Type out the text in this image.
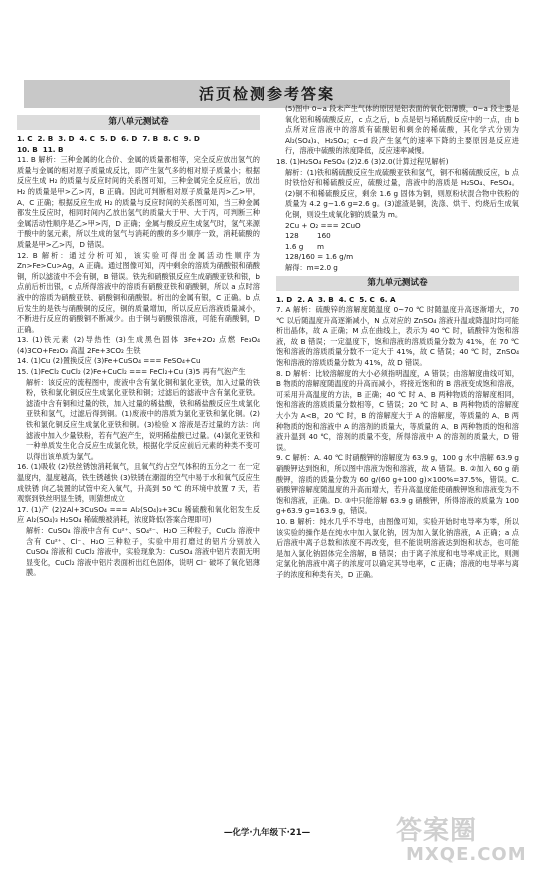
活页检测参考答案
第八单元测试卷
1. C  2. B  3. D  4. C  5. D  6. D  7. B  8. C  9. D
10. B  11. B

11. B 解析：三种金属的化合价、金属的质量都相等，完全反应放出氢气的质量与金属的相对原子质量成反比，即产生氢气多的相对原子质量小；根据反应生成 H₂ 的质量与反应时间的关系图可知，三种金属完全反应后，放出 H₂ 的质量是甲>乙>丙，B 正确。因此可判断相对原子质量是丙>乙>甲，A、C 正确；根据反应生成 H₂ 的质量与反应时间的关系图可知，当三种金属都发生反应时，相同时间内乙放出氢气的质量大于甲、大于丙，可判断三种金属活动性顺序是乙>甲>丙，D 正确；金属与酸反应生成氢气时，氢气来源于酸中的氢元素，所以生成的氢气与消耗的酸的多少顺序一致，消耗硫酸的质量是甲>乙>丙，D 错误。

12. B 解析：通过分析可知，该实验可得出金属活动性顺序为 Zn>Fe>Cu>Ag，A 正确。通过图像可知，丙中剩余的溶质为硝酸银和硝酸铜，所以滤渣中不会有铜，B 错误。铁先和硝酸银反应生成硝酸亚铁和银，b 点前后析出银，c 点所得溶液中的溶质有硝酸亚铁和硝酸铜，所以 a 点时溶液中的溶质为硝酸亚铁、硝酸铜和硝酸银。析出的金属有银，C 正确。b 点后发生的是铁与硝酸铜的反应，铜的质量增加，所以反应后溶液质量减小，不断进行反应的硝酸铜不断减少。由于铜与硝酸银溶液，可能有硝酸铜，D 正确。

13. (1)铁元素 (2)导热性 (3)生成黑色固体 3Fe+2O₂ 点燃 Fe₃O₄ (4)3CO+Fe₂O₃ 高温 2Fe+3CO₂ 生铁

14. (1)Cu (2)置换反应 (3)Fe+CuSO₄ === FeSO₄+Cu

15. (1)FeCl₂ CuCl₂ (2)Fe+CuCl₂ === FeCl₂+Cu (3)5 再有气泡产生

解析：该反应的流程图中，废液中含有氯化铜和氯化亚铁，加入过量的铁粉，铁和氯化铜反应生成氯化亚铁和铜；过滤后的滤液中含有氯化亚铁。滤渣中含有铜和过量的铁，加入过量的稀盐酸，铁和稀盐酸反应生成氯化亚铁和氢气，过滤后得到铜。(1)废液中的溶质为氯化亚铁和氯化铜。(2)铁和氯化铜反应生成氯化亚铁和铜。(3)检验 X 溶液是否过量的方法：向滤液中加入少量铁粉，若有气泡产生，说明稀盐酸已过量。(4)氯化亚铁和一种单质发生化合反应生成氯化铁，根据化学反应前后元素的种类不变可以得出该单质为氯气。

16. (1)吸收 (2)铁丝锈蚀消耗氧气，且氧气约占空气体积的五分之一 在一定温度内，温度越高，铁生锈越快 (3)铁锈在潮湿的空气中易于水和氧气反应生成铁锈 向乙装置的试管中充入氧气，升高到 50 ℃ 的环境中放置 7 天，若观察到铁丝明显生锈，则猜想成立

17. (1)产 (2)2Al+3CuSO₄ === Al₂(SO₄)₃+3Cu 稀硫酸和氧化铝发生反应 Al₂(SO₄)₃ H₂SO₄ 稀硫酸被消耗，浓度降低(答案合理即可)

解析：CuSO₄ 溶液中含有 Cu²⁺、SO₄²⁻、H₂O 三种粒子，CuCl₂ 溶液中含有 Cu²⁺、Cl⁻、H₂O 三种粒子，实验中用打磨过的铝片分别放入 CuSO₄ 溶液和 CuCl₂ 溶液中，实验现象为：CuSO₄ 溶液中铝片表面无明显变化，CuCl₂ 溶液中铝片表面析出红色固体，说明 Cl⁻ 破坏了氧化铝薄膜。

(5)图中 0~a 段未产生气体的原因是铝表面的氧化铝薄膜，0~a 段主要是氧化铝和稀硫酸反应，c 点之后，b 点是铝与稀硫酸反应中的一点，由 b 点所对应溶液中的溶质有硫酸铝和剩余的稀硫酸，其化学式分别为 Al₂(SO₄)₃、H₂SO₄；c~d 段产生氢气的速率下降的主要原因是反应进行，溶液中硫酸的浓度降低，反应速率减慢。

18. (1)H₂SO₄ FeSO₄ (2)2.6 (3)2.0(计算过程见解析)

解析：(1)铁和稀硫酸反应生成硫酸亚铁和氢气，铜不和稀硫酸反应，b 点时铁恰好和稀硫酸反应，硫酸过量，溶液中的溶质是 H₂SO₄、FeSO₄。(2)铜不和稀硫酸反应，剩余 1.6 g 固体为铜，则原粉状混合物中铁粉的质量为 4.2 g−1.6 g=2.6 g。(3)滤渣是铜，洗涤、烘干、灼烧后生成氧化铜，则设生成氧化铜的质量为 m。

2Cu + O₂ === 2CuO
128        160
1.6 g      m
128/160 = 1.6 g/m
解得：m=2.0 g
第九单元测试卷
1. D  2. A  3. B  4. C  5. C  6. A

7. A 解析：硫酸锌的溶解度随温度 0~70 ℃ 时随温度升高逐渐增大，70 ℃ 以后随温度升高逐渐减小，N 点对应的 ZnSO₄ 溶液升温或降温时均可能析出晶体，故 A 正确；M 点在曲线上，表示为 40 ℃ 时，硫酸锌为饱和溶液，故 B 错误；一定温度下，饱和溶液的溶质质量分数为 41%，在 70 ℃ 饱和溶液的溶质质量分数不一定大于 41%，故 C 错误；40 ℃ 时，ZnSO₄ 饱和溶液的溶质质量分数为 41%，故 D 错误。

8. D 解析：比较溶解度的大小必须指明温度，A 错误；由溶解度曲线可知，B 物质的溶解度随温度的升高而减小，将接近饱和的 B 溶液变成饱和溶液，可采用升高温度的方法，B 正确；40 ℃ 时 A、B 两种物质的溶解度相同，饱和溶液的溶质质量分数相等，C 错误；20 ℃ 时 A、B 两种物质的溶解度大小为 A<B，20 ℃ 时，B 的溶解度大于 A 的溶解度，等质量的 A、B 两种物质的饱和溶液中 A 的溶剂的质量大，等质量的 A、B 两种物质的饱和溶液升温到 40 ℃，溶剂的质量不变，所得溶液中 A 的溶剂的质量大，D 错误。

9. C 解析：A. 40 ℃ 时硝酸钾的溶解度为 63.9 g，100 g 水中溶解 63.9 g 硝酸钾达到饱和，所以图中溶液为饱和溶液，故 A 错误。B. ②加入 60 g 硝酸钾，溶质的质量分数为 60 g/(60 g+100 g)×100%=37.5%，错误。C. 硝酸钾溶解度随温度的升高而增大，若升高温度能使硝酸钾饱和溶液变为不饱和溶液，正确。D. ③中只能溶解 63.9 g 硝酸钾，所得溶液的质量为 100 g+63.9 g=163.9 g，错误。

10. B 解析：纯水几乎不导电，由图像可知，实验开始时电导率为零，所以该实验的操作是在纯水中加入氯化钠，因为加入氯化钠溶液，A 正确；a 点后溶液中离子总数和浓度不再改变，但不能说明溶液达到饱和状态，也可能是加入氯化钠固体完全溶解，B 错误；由于离子浓度和电导率成正比，则测定氯化钠溶液中离子的浓度可以确定其导电率，C 正确；溶液的电导率与离子的浓度和种类有关，D 正确。

—化学·九年级下·21—	答案圈
MXQE.COM
